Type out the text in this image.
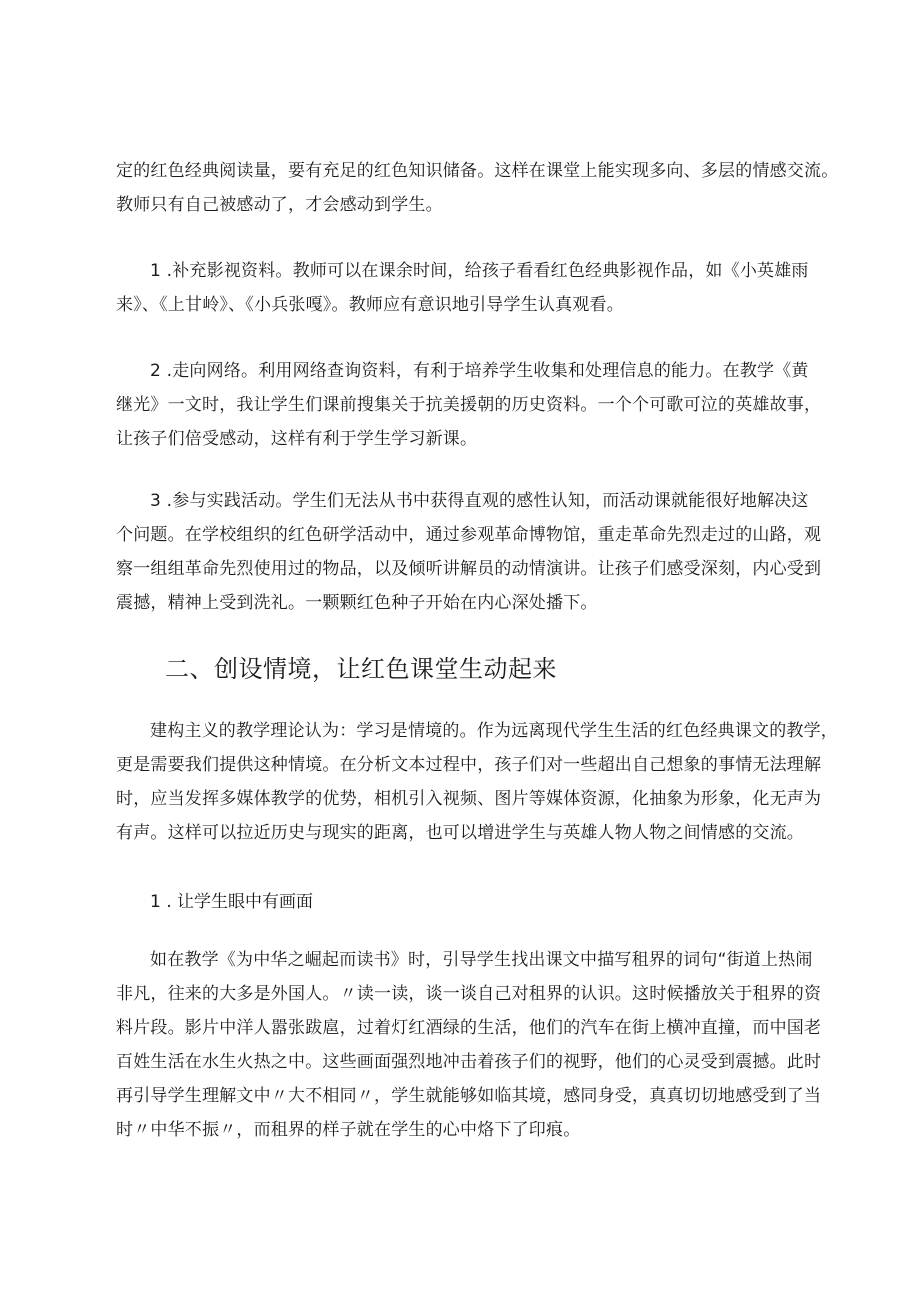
定的红色经典阅读量，要有充足的红色知识储备。这样在课堂上能实现多向、多层的情感交流。
教师只有自己被感动了，才会感动到学生。

1 .补充影视资料。教师可以在课余时间，给孩子看看红色经典影视作品，如《小英雄雨
来》、《上甘岭》、《小兵张嘎》。教师应有意识地引导学生认真观看。

2 .走向网络。利用网络查询资料，有利于培养学生收集和处理信息的能力。在教学《黄
继光》一文时，我让学生们课前搜集关于抗美援朝的历史资料。一个个可歌可泣的英雄故事，
让孩子们倍受感动，这样有利于学生学习新课。

3 .参与实践活动。学生们无法从书中获得直观的感性认知，而活动课就能很好地解决这
个问题。在学校组织的红色研学活动中，通过参观革命博物馆，重走革命先烈走过的山路，观
察一组组革命先烈使用过的物品，以及倾听讲解员的动情演讲。让孩子们感受深刻，内心受到
震撼，精神上受到洗礼。一颗颗红色种子开始在内心深处播下。

二、创设情境，让红色课堂生动起来

建构主义的教学理论认为：学习是情境的。作为远离现代学生生活的红色经典课文的教学，
更是需要我们提供这种情境。在分析文本过程中，孩子们对一些超出自己想象的事情无法理解
时，应当发挥多媒体教学的优势，相机引入视频、图片等媒体资源，化抽象为形象，化无声为
有声。这样可以拉近历史与现实的距离，也可以增进学生与英雄人物人物之间情感的交流。

1 . 让学生眼中有画面

如在教学《为中华之崛起而读书》时，引导学生找出课文中描写租界的词句“街道上热闹
非凡，往来的大多是外国人。〃读一读，谈一谈自己对租界的认识。这时候播放关于租界的资
料片段。影片中洋人嚣张跋扈，过着灯红酒绿的生活，他们的汽车在街上横冲直撞，而中国老
百姓生活在水生火热之中。这些画面强烈地冲击着孩子们的视野，他们的心灵受到震撼。此时
再引导学生理解文中〃大不相同〃，学生就能够如临其境，感同身受，真真切切地感受到了当
时〃中华不振〃，而租界的样子就在学生的心中烙下了印痕。
